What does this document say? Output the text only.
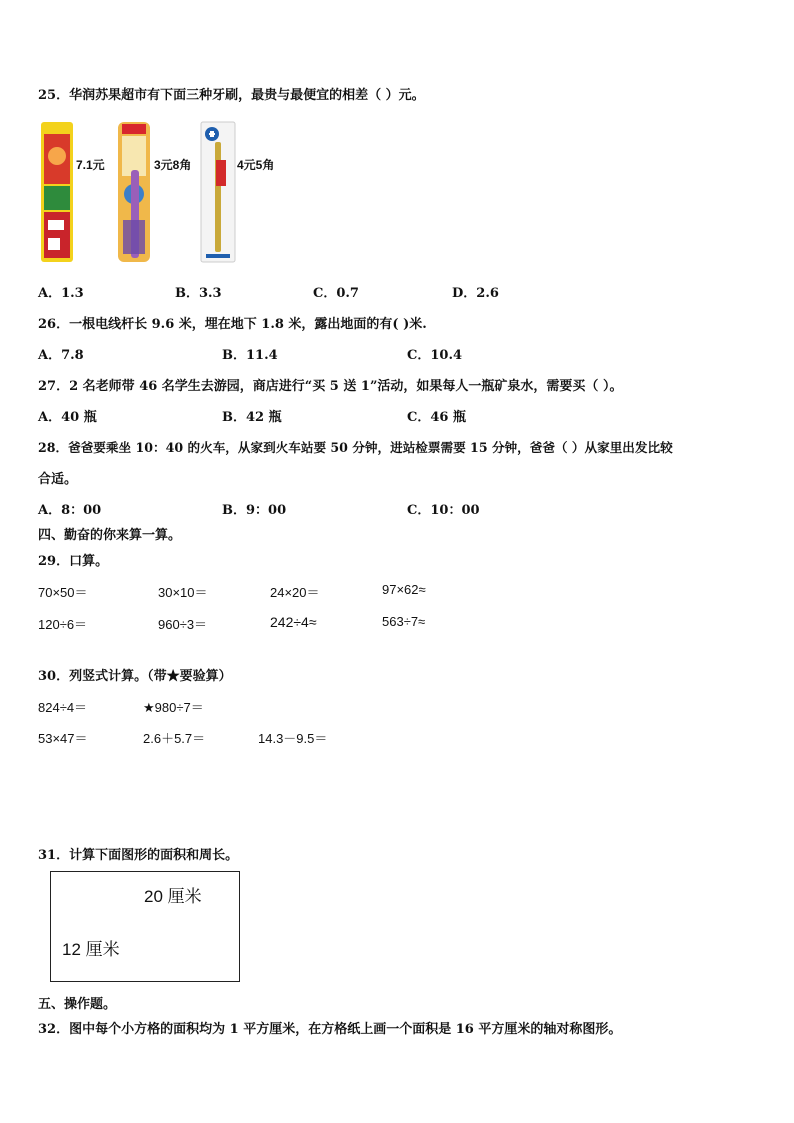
25．华润苏果超市有下面三种牙刷，最贵与最便宜的相差（ ）元。
7.1元	3元8角	4元5角
A．1.3	B．3.3	C．0.7	D．2.6
26．一根电线杆长 9.6 米，埋在地下 1.8 米，露出地面的有( )米.
A．7.8	B．11.4	C．10.4
27．2 名老师带 46 名学生去游园，商店进行“买 5 送 1”活动，如果每人一瓶矿泉水，需要买（ ）。
A．40 瓶	B．42 瓶	C．46 瓶
28．爸爸要乘坐 10：40 的火车，从家到火车站要 50 分钟，进站检票需要 15 分钟，爸爸（ ）从家里出发比较
合适。
A．8：00	B．9：00	C．10：00
四、勤奋的你来算一算。
29．口算。
70×50＝	30×10＝	24×20＝	97×62≈
120÷6＝	960÷3＝	242÷4≈	563÷7≈
30．列竖式计算。（带★要验算）
824÷4＝	★980÷7＝
53×47＝	2.6＋5.7＝	14.3－9.5＝
31．计算下面图形的面积和周长。
20 厘米
12 厘米
五、操作题。
32．图中每个小方格的面积均为 1 平方厘米，在方格纸上画一个面积是 16 平方厘米的轴对称图形。
